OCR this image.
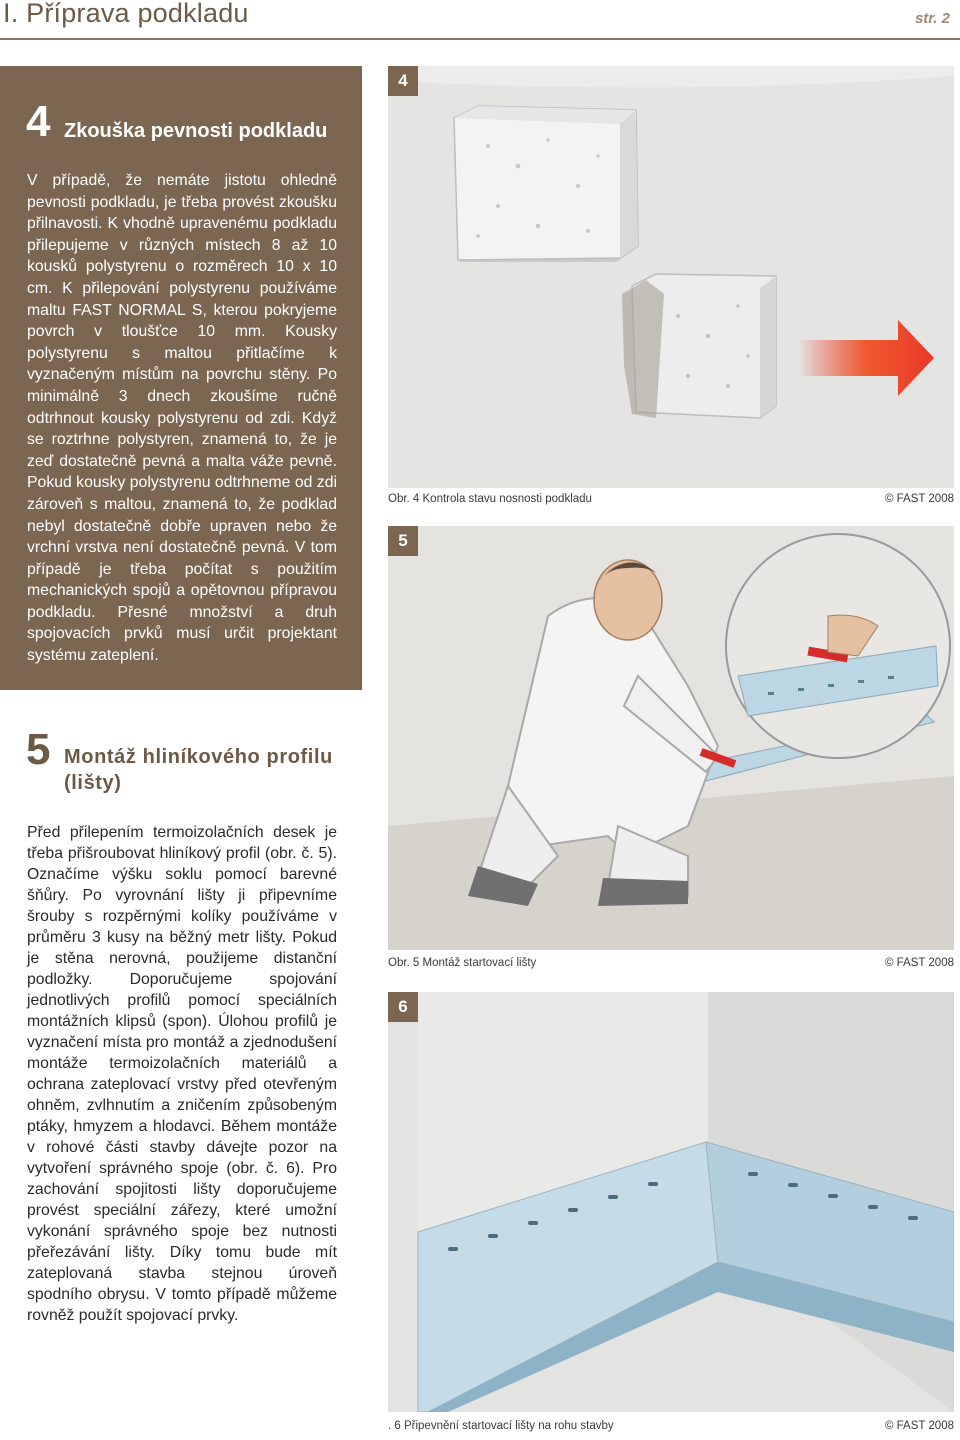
I. Příprava podkladu	str. 2
4 Zkouška pevnosti podkladu
V případě, že nemáte jistotu ohledně pevnosti podkladu, je třeba provést zkoušku přilnavosti. K vhodně upravenému podkladu přilepujeme v různých místech 8 až 10 kousků polystyrenu o rozměrech 10 x 10 cm. K přilepování polystyrenu používáme maltu FAST NORMAL S, kterou pokryjeme povrch v tloušťce 10 mm. Kousky polystyrenu s maltou přitlačíme k vyznačeným místům na povrchu stěny. Po minimálně 3 dnech zkoušíme ručně odtrhnout kousky polystyrenu od zdi. Když se roztrhne polystyren, znamená to, že je zeď dostatečně pevná a malta váže pevně. Pokud kousky polystyrenu odtrhneme od zdi zároveň s maltou, znamená to, že podklad nebyl dostatečně dobře upraven nebo že vrchní vrstva není dostatečně pevná. V tom případě je třeba počítat s použitím mechanických spojů a opětovnou přípravou podkladu. Přesné množství a druh spojovacích prvků musí určit projektant systému zateplení.
5 Montáž hliníkového profilu (lišty)
Před přilepením termoizolačních desek je třeba přišroubovat hliníkový profil (obr. č. 5). Označíme výšku soklu pomocí barevné šňůry. Po vyrovnání lišty ji připevníme šrouby s rozpěrnými kolíky používáme v průměru 3 kusy na běžný metr lišty. Pokud je stěna nerovná, použijeme distanční podložky. Doporučujeme spojování jednotlivých profilů pomocí speciálních montážních klipsů (spon). Úlohou profilů je vyznačení místa pro montáž a zjednodušení montáže termoizolačních materiálů a ochrana zateplovací vrstvy před otevřeným ohněm, zvlhnutím a zničením způsobeným ptáky, hmyzem a hlodavci. Během montáže v rohové části stavby dávejte pozor na vytvoření správného spoje (obr. č. 6). Pro zachování spojitosti lišty doporučujeme provést speciální zářezy, které umožní vykonání správného spoje bez nutnosti přeřezávání lišty. Díky tomu bude mít zateplovaná stavba stejnou úroveň spodního obrysu. V tomto případě můžeme rovněž použít spojovací prvky.
4
Obr. 4 Kontrola stavu nosnosti podkladu	© FAST 2008
5
Obr. 5 Montáž startovací lišty	© FAST 2008
6
. 6 Připevnění startovací lišty na rohu stavby	© FAST 2008
